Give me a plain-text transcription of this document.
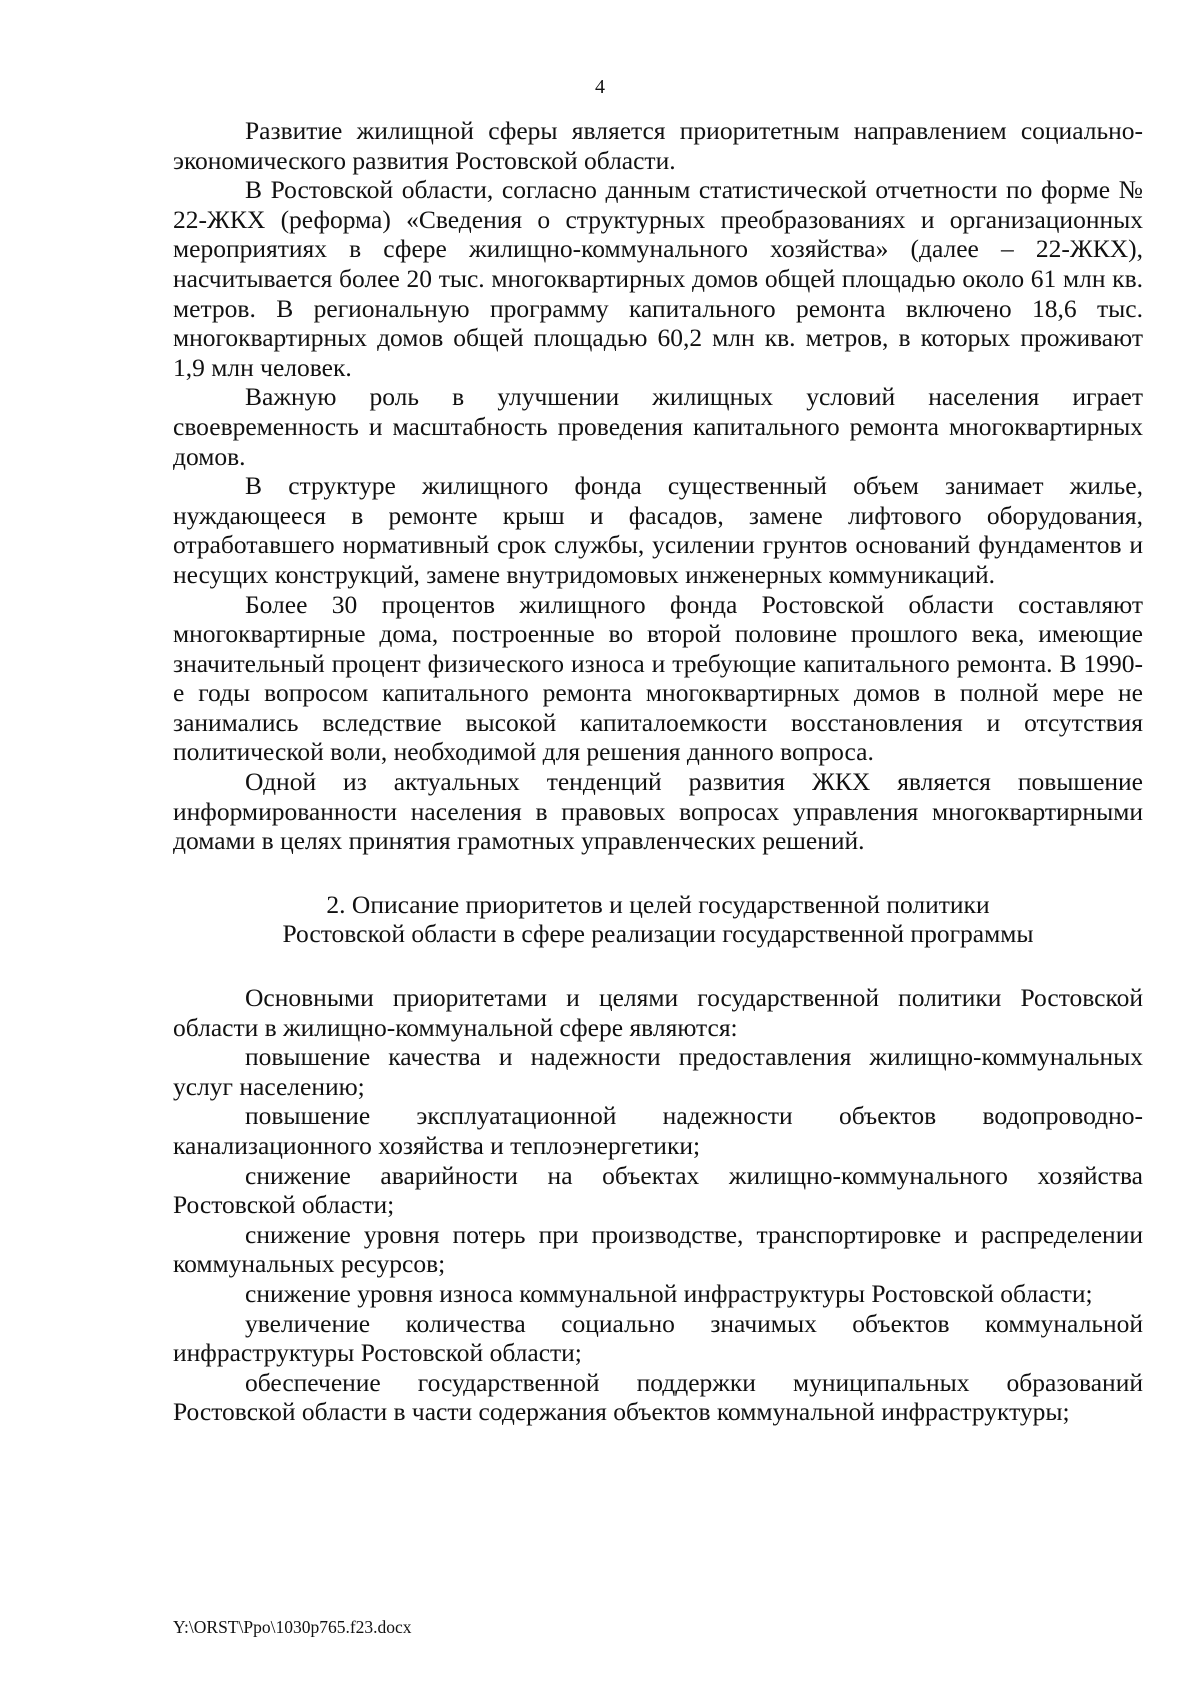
4

Развитие жилищной сферы является приоритетным направлением социально-экономического развития Ростовской области.

В Ростовской области, согласно данным статистической отчетности по форме № 22-ЖКХ (реформа) «Сведения о структурных преобразованиях и организационных мероприятиях в сфере жилищно-коммунального хозяйства» (далее – 22-ЖКХ), насчитывается более 20 тыс. многоквартирных домов общей площадью около 61 млн кв. метров. В региональную программу капитального ремонта включено 18,6 тыс. многоквартирных домов общей площадью 60,2 млн кв. метров, в которых проживают 1,9 млн человек.

Важную роль в улучшении жилищных условий населения играет своевременность и масштабность проведения капитального ремонта многоквартирных домов.

В структуре жилищного фонда существенный объем занимает жилье, нуждающееся в ремонте крыш и фасадов, замене лифтового оборудования, отработавшего нормативный срок службы, усилении грунтов оснований фундаментов и несущих конструкций, замене внутридомовых инженерных коммуникаций.

Более 30 процентов жилищного фонда Ростовской области составляют многоквартирные дома, построенные во второй половине прошлого века, имеющие значительный процент физического износа и требующие капитального ремонта. В 1990-е годы вопросом капитального ремонта многоквартирных домов в полной мере не занимались вследствие высокой капиталоемкости восстановления и отсутствия политической воли, необходимой для решения данного вопроса.

Одной из актуальных тенденций развития ЖКХ является повышение информированности населения в правовых вопросах управления многоквартирными домами в целях принятия грамотных управленческих решений.

2. Описание приоритетов и целей государственной политики
Ростовской области в сфере реализации государственной программы

Основными приоритетами и целями государственной политики Ростовской области в жилищно-коммунальной сфере являются:

повышение качества и надежности предоставления жилищно-коммунальных услуг населению;

повышение эксплуатационной надежности объектов водопроводно-канализационного хозяйства и теплоэнергетики;

снижение аварийности на объектах жилищно-коммунального хозяйства Ростовской области;

снижение уровня потерь при производстве, транспортировке и распределении коммунальных ресурсов;

снижение уровня износа коммунальной инфраструктуры Ростовской области;

увеличение количества социально значимых объектов коммунальной инфраструктуры Ростовской области;

обеспечение государственной поддержки муниципальных образований Ростовской области в части содержания объектов коммунальной инфраструктуры;

Y:\ORST\Ppo\1030p765.f23.docx
